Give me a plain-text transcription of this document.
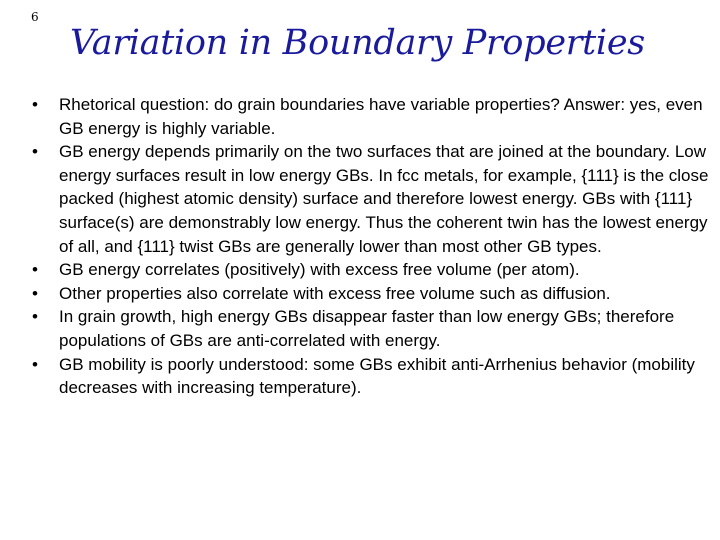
6
Variation in Boundary Properties
• Rhetorical question: do grain boundaries have variable properties? Answer: yes, even GB energy is highly variable.
• GB energy depends primarily on the two surfaces that are joined at the boundary. Low energy surfaces result in low energy GBs. In fcc metals, for example, {111} is the close packed (highest atomic density) surface and therefore lowest energy. GBs with {111} surface(s) are demonstrably low energy. Thus the coherent twin has the lowest energy of all, and {111} twist GBs are generally lower than most other GB types.
• GB energy correlates (positively) with excess free volume (per atom).
• Other properties also correlate with excess free volume such as diffusion.
• In grain growth, high energy GBs disappear faster than low energy GBs; therefore populations of GBs are anti-correlated with energy.
• GB mobility is poorly understood: some GBs exhibit anti-Arrhenius behavior (mobility decreases with increasing temperature).
